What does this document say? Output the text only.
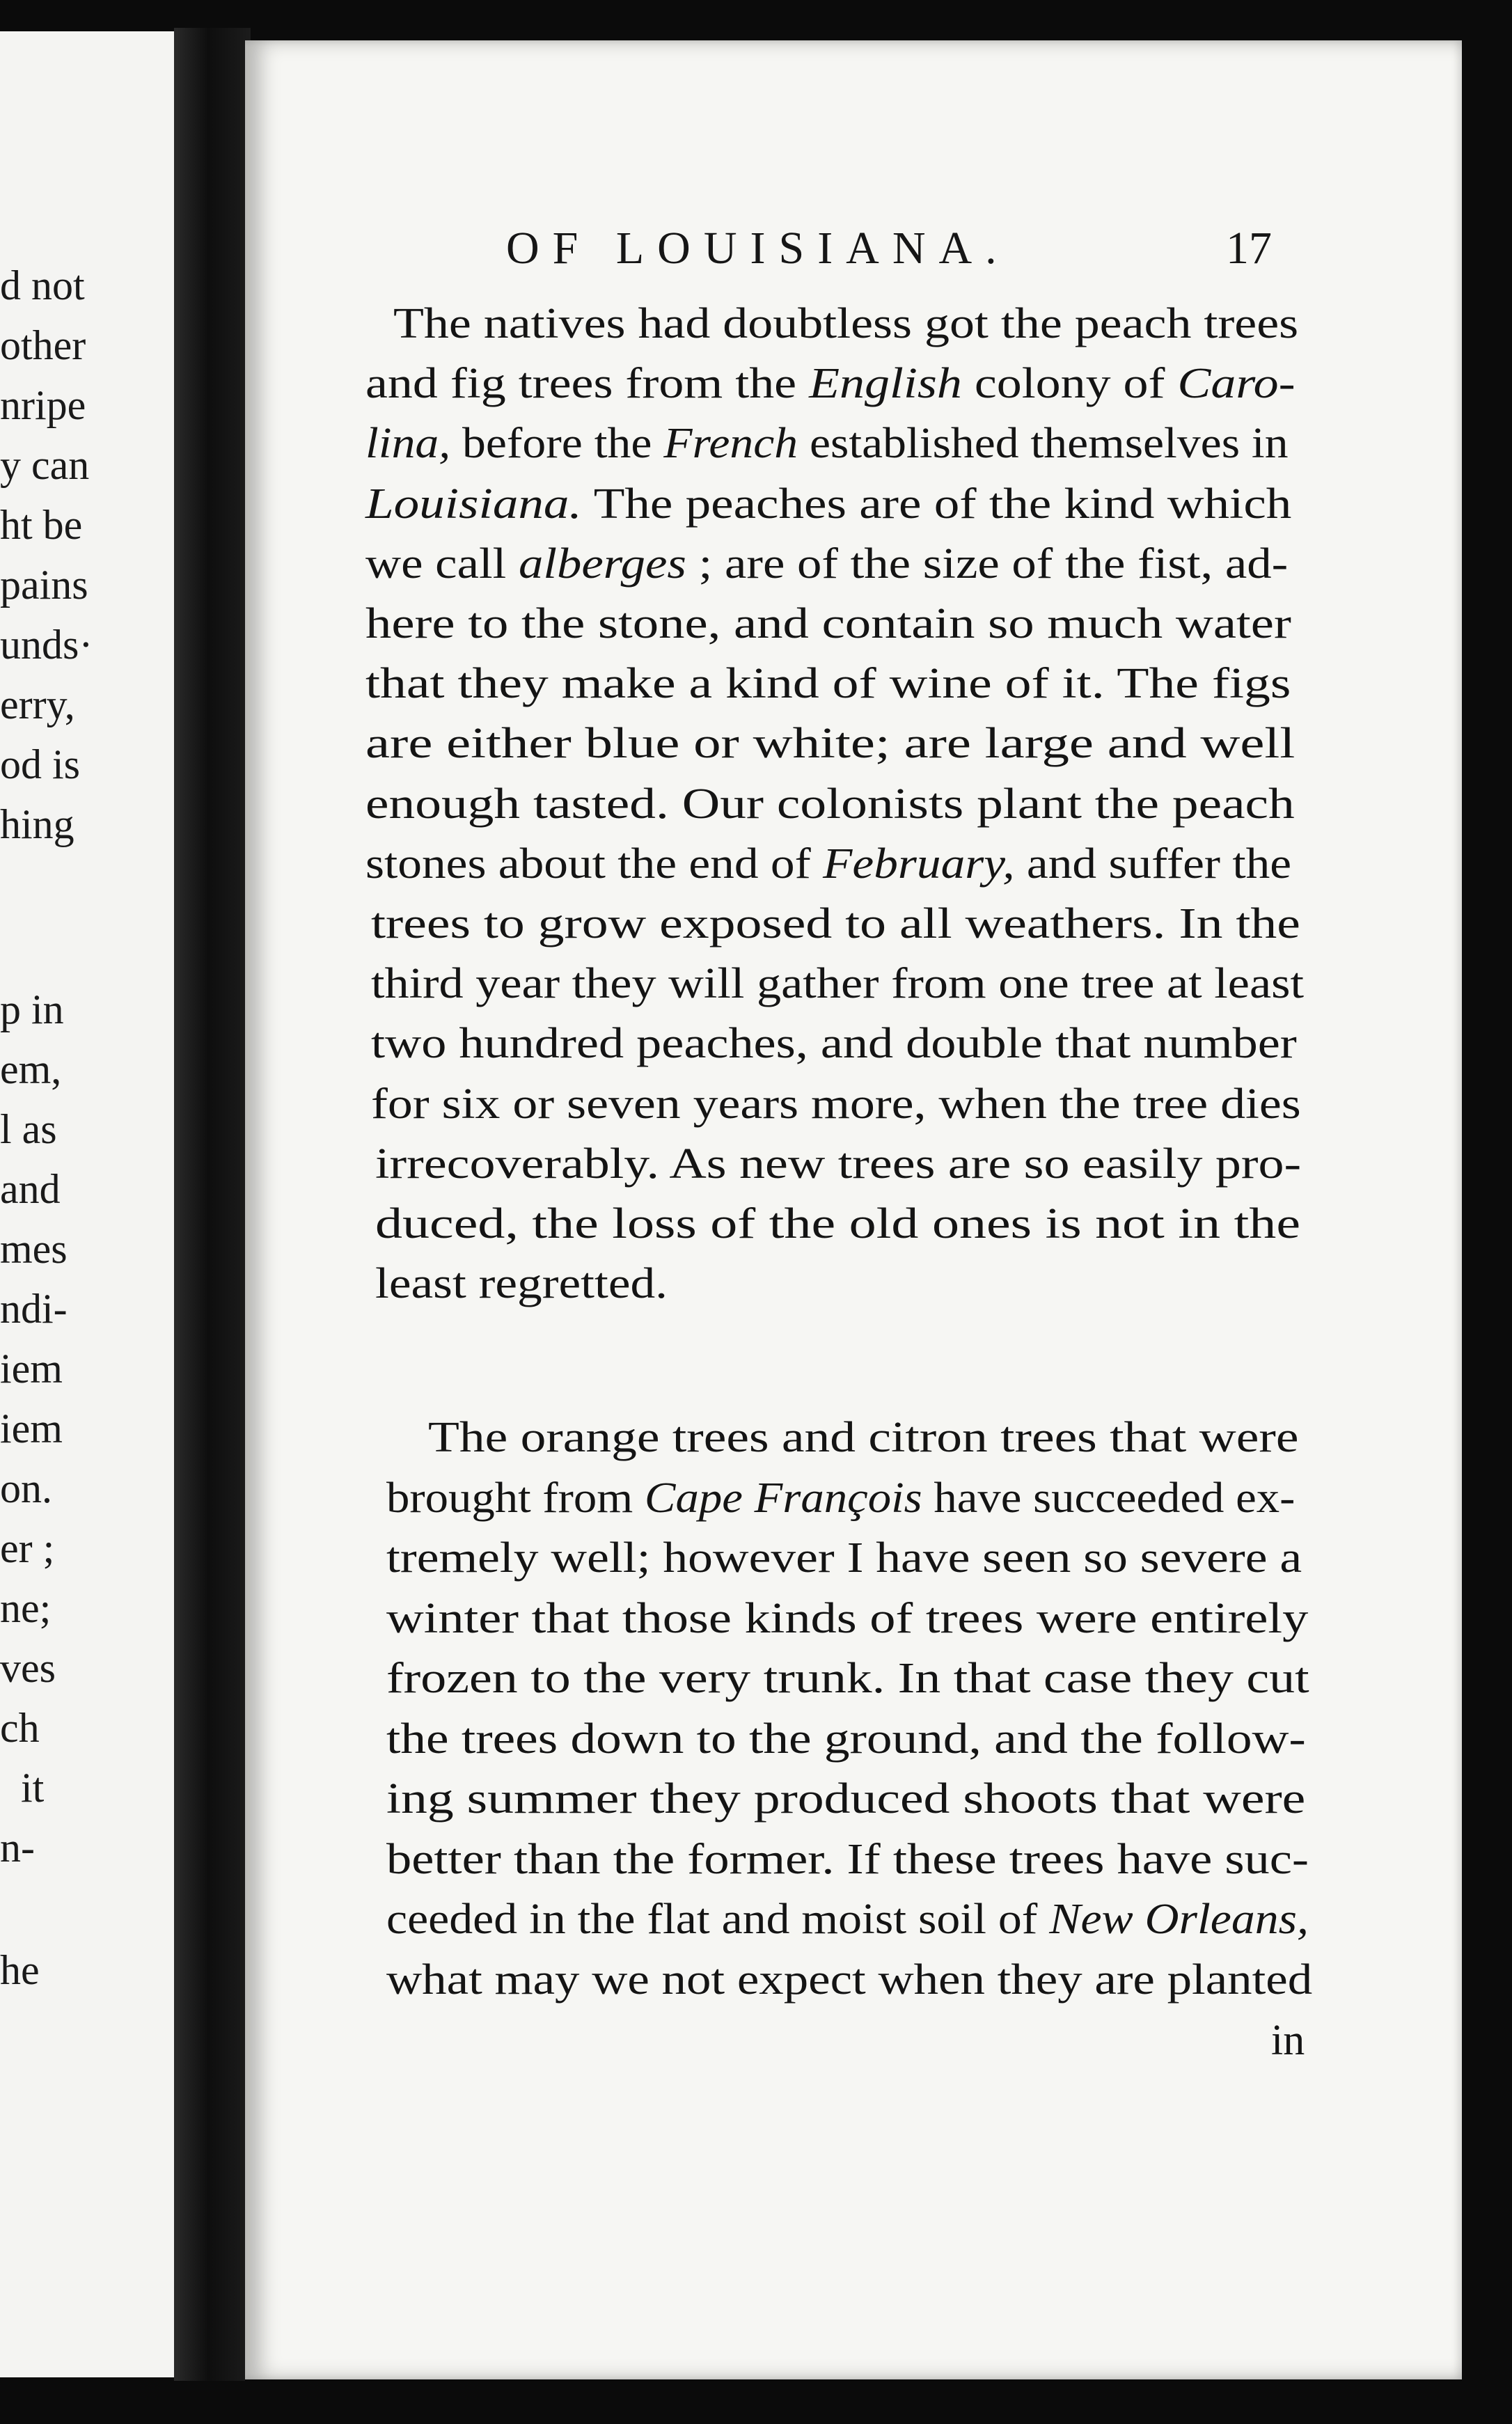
d not
other
nripe
y can
ht be
pains
unds·
erry,
od is
hing
p in
em,
l as
and
mes
ndi-
iem
iem
on.
er ;
ne;
ves
ch
it
n-
he
OF LOUISIANA.	17
The natives had doubtless got the peach trees
and fig trees from the English colony of Caro-
lina, before the French established themselves in
Louisiana. The peaches are of the kind which
we call alberges ; are of the size of the fist, ad-
here to the stone, and contain so much water
that they make a kind of wine of it. The figs
are either blue or white; are large and well
enough tasted. Our colonists plant the peach
stones about the end of February, and suffer the
trees to grow exposed to all weathers. In the
third year they will gather from one tree at least
two hundred peaches, and double that number
for six or seven years more, when the tree dies
irrecoverably. As new trees are so easily pro-
duced, the loss of the old ones is not in the
least regretted.
The orange trees and citron trees that were
brought from Cape François have succeeded ex-
tremely well; however I have seen so severe a
winter that those kinds of trees were entirely
frozen to the very trunk. In that case they cut
the trees down to the ground, and the follow-
ing summer they produced shoots that were
better than the former. If these trees have suc-
ceeded in the flat and moist soil of New Orleans,
what may we not expect when they are planted
in
